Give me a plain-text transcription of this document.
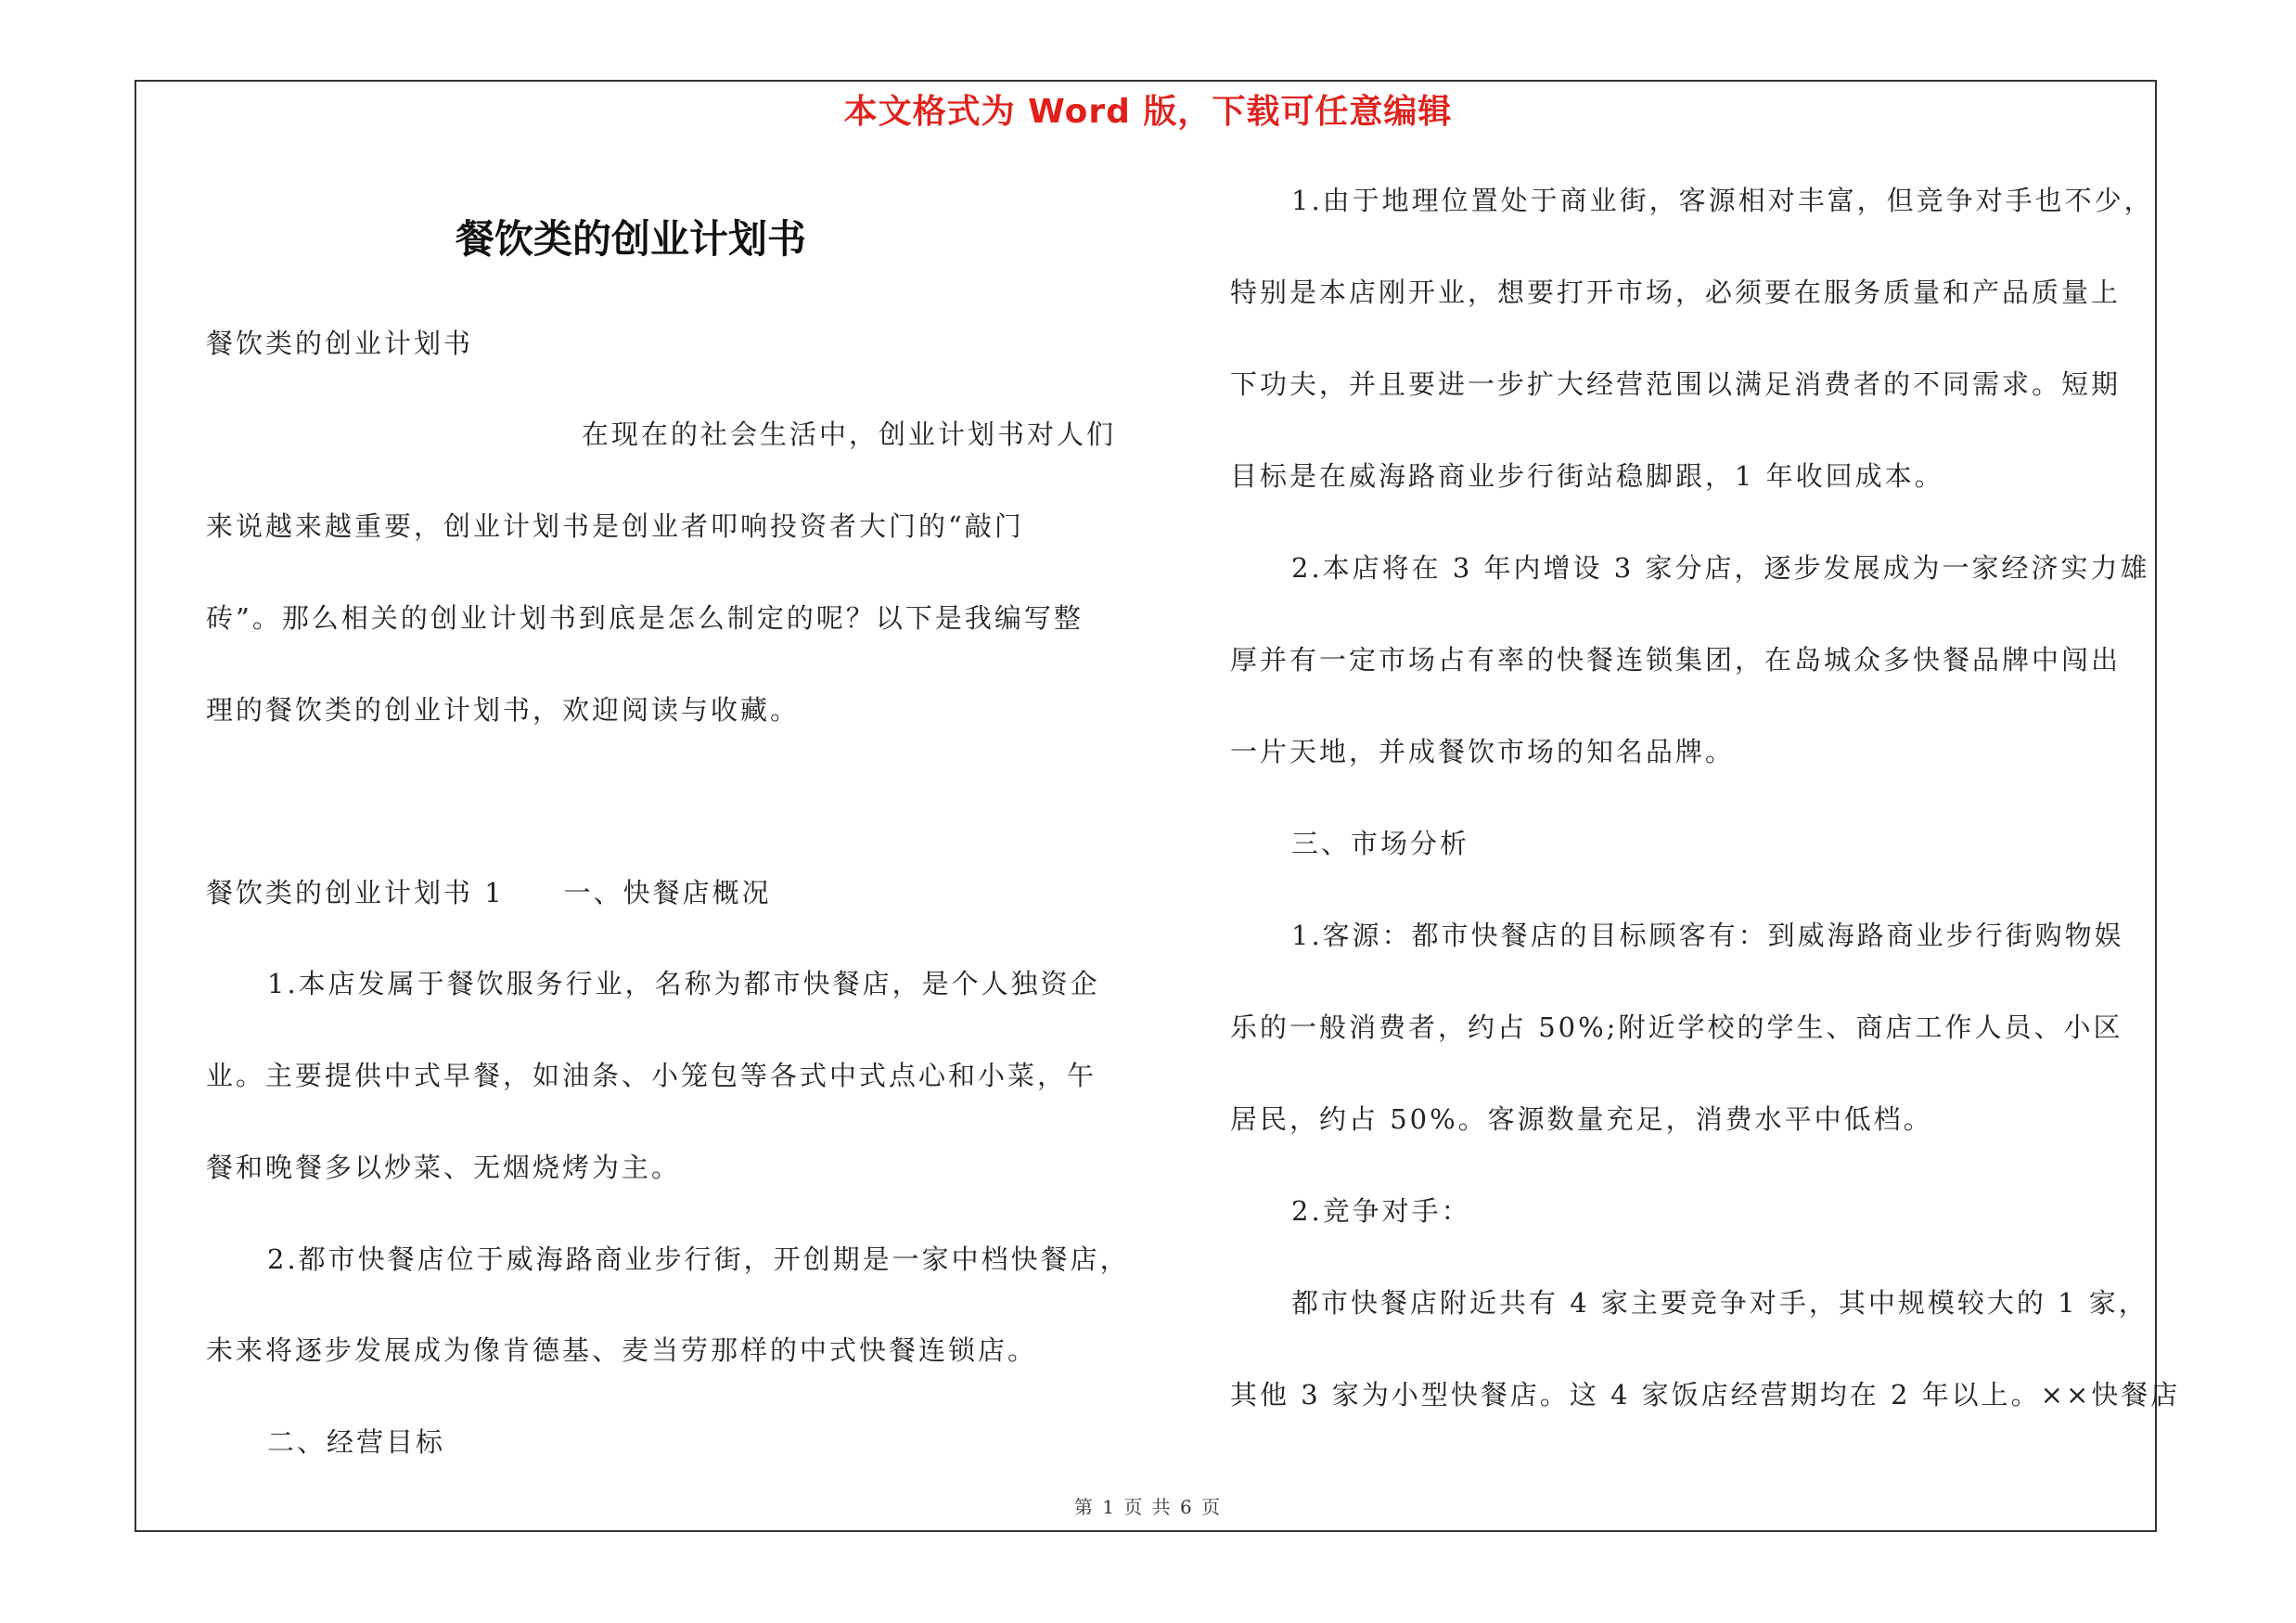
本文格式为 Word 版，下载可任意编辑
餐饮类的创业计划书
餐饮类的创业计划书
在现在的社会生活中，创业计划书对人们
来说越来越重要，创业计划书是创业者叩响投资者大门的“敲门
砖”。那么相关的创业计划书到底是怎么制定的呢？以下是我编写整
理的餐饮类的创业计划书，欢迎阅读与收藏。
餐饮类的创业计划书 1　　一、快餐店概况
1.本店发属于餐饮服务行业，名称为都市快餐店，是个人独资企
业。主要提供中式早餐，如油条、小笼包等各式中式点心和小菜，午
餐和晚餐多以炒菜、无烟烧烤为主。
2.都市快餐店位于威海路商业步行街，开创期是一家中档快餐店，
未来将逐步发展成为像肯德基、麦当劳那样的中式快餐连锁店。
二、经营目标
1.由于地理位置处于商业街，客源相对丰富，但竞争对手也不少，
特别是本店刚开业，想要打开市场，必须要在服务质量和产品质量上
下功夫，并且要进一步扩大经营范围以满足消费者的不同需求。短期
目标是在威海路商业步行街站稳脚跟，1 年收回成本。
2.本店将在 3 年内增设 3 家分店，逐步发展成为一家经济实力雄
厚并有一定市场占有率的快餐连锁集团，在岛城众多快餐品牌中闯出
一片天地，并成餐饮市场的知名品牌。
三、市场分析
1.客源：都市快餐店的目标顾客有：到威海路商业步行街购物娱
乐的一般消费者，约占 50%;附近学校的学生、商店工作人员、小区
居民，约占 50%。客源数量充足，消费水平中低档。
2.竞争对手：
都市快餐店附近共有 4 家主要竞争对手，其中规模较大的 1 家，
其他 3 家为小型快餐店。这 4 家饭店经营期均在 2 年以上。××快餐店
第 1 页 共 6 页
